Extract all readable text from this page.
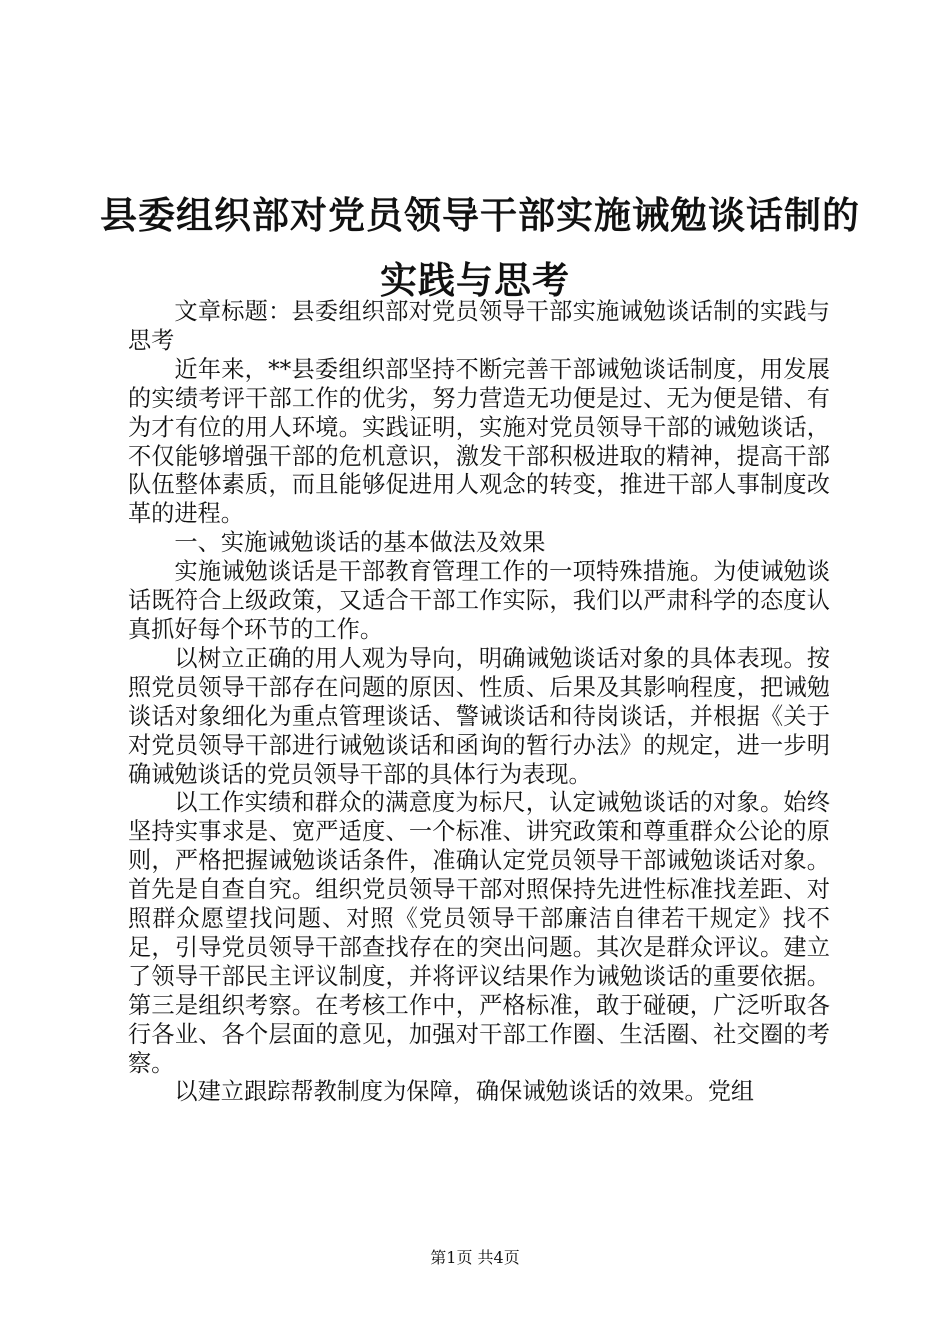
县委组织部对党员领导干部实施诫勉谈话制的
实践与思考

文章标题：县委组织部对党员领导干部实施诫勉谈话制的实践与思考

近年来，**县委组织部坚持不断完善干部诫勉谈话制度，用发展的实绩考评干部工作的优劣，努力营造无功便是过、无为便是错、有为才有位的用人环境。实践证明，实施对党员领导干部的诫勉谈话，不仅能够增强干部的危机意识，激发干部积极进取的精神，提高干部队伍整体素质，而且能够促进用人观念的转变，推进干部人事制度改革的进程。

一、实施诫勉谈话的基本做法及效果

实施诫勉谈话是干部教育管理工作的一项特殊措施。为使诫勉谈话既符合上级政策，又适合干部工作实际，我们以严肃科学的态度认真抓好每个环节的工作。

以树立正确的用人观为导向，明确诫勉谈话对象的具体表现。按照党员领导干部存在问题的原因、性质、后果及其影响程度，把诫勉谈话对象细化为重点管理谈话、警诫谈话和待岗谈话，并根据《关于对党员领导干部进行诫勉谈话和函询的暂行办法》的规定，进一步明确诫勉谈话的党员领导干部的具体行为表现。

以工作实绩和群众的满意度为标尺，认定诫勉谈话的对象。始终坚持实事求是、宽严适度、一个标准、讲究政策和尊重群众公论的原则，严格把握诫勉谈话条件，准确认定党员领导干部诫勉谈话对象。首先是自查自究。组织党员领导干部对照保持先进性标准找差距、对照群众愿望找问题、对照《党员领导干部廉洁自律若干规定》找不足，引导党员领导干部查找存在的突出问题。其次是群众评议。建立了领导干部民主评议制度，并将评议结果作为诫勉谈话的重要依据。第三是组织考察。在考核工作中，严格标准，敢于碰硬，广泛听取各行各业、各个层面的意见，加强对干部工作圈、生活圈、社交圈的考察。

以建立跟踪帮教制度为保障，确保诫勉谈话的效果。党组

第1页 共4页
